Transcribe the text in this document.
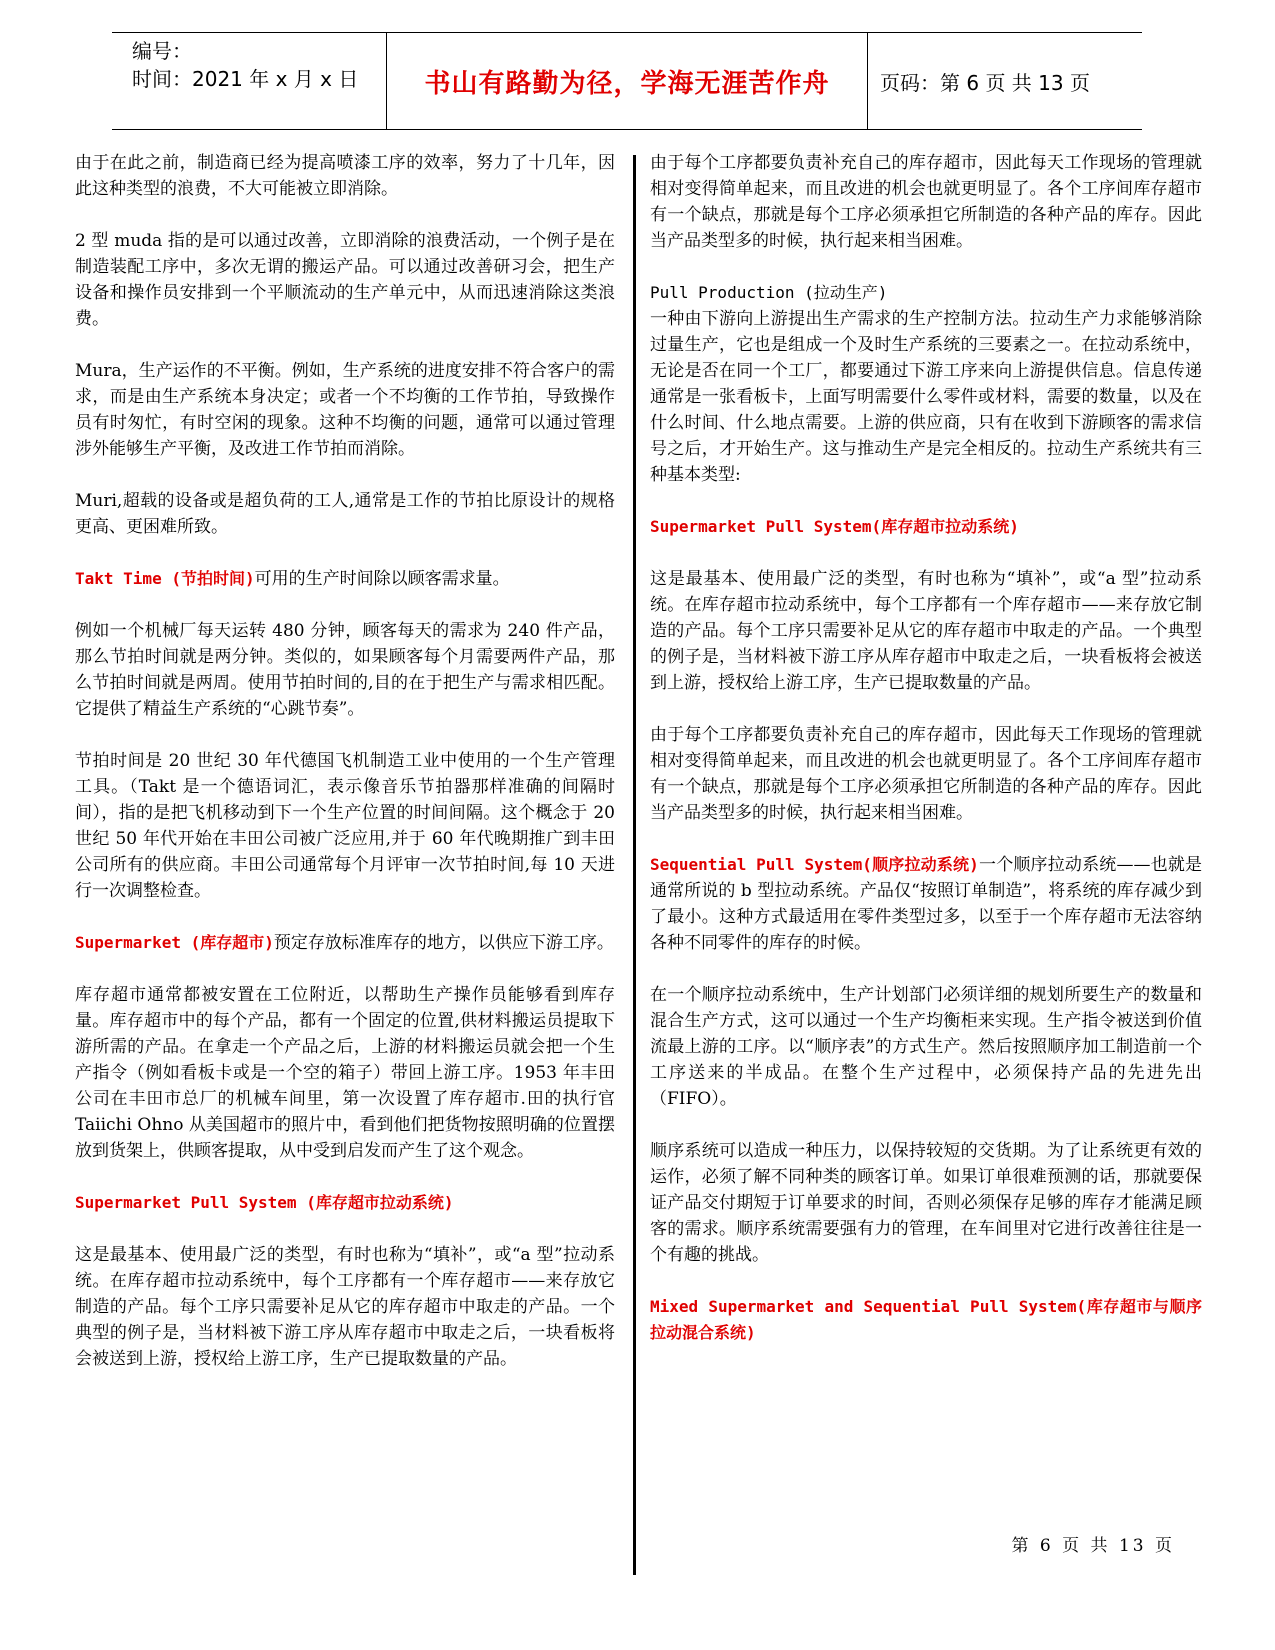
编号：
时间：2021 年 x 月 x 日	书山有路勤为径，学海无涯苦作舟	页码：第 6 页 共 13 页

由于在此之前，制造商已经为提高喷漆工序的效率，努力了十几年，因此这种类型的浪费，不大可能被立即消除。

2 型 muda 指的是可以通过改善，立即消除的浪费活动，一个例子是在制造装配工序中，多次无谓的搬运产品。可以通过改善研习会，把生产设备和操作员安排到一个平顺流动的生产单元中，从而迅速消除这类浪费。

Mura，生产运作的不平衡。例如，生产系统的进度安排不符合客户的需求，而是由生产系统本身决定；或者一个不均衡的工作节拍，导致操作员有时匆忙，有时空闲的现象。这种不均衡的问题，通常可以通过管理涉外能够生产平衡，及改进工作节拍而消除。

Muri,超载的设备或是超负荷的工人,通常是工作的节拍比原设计的规格更高、更困难所致。

Takt Time (节拍时间)可用的生产时间除以顾客需求量。

例如一个机械厂每天运转 480 分钟，顾客每天的需求为 240 件产品，那么节拍时间就是两分钟。类似的，如果顾客每个月需要两件产品，那么节拍时间就是两周。使用节拍时间的,目的在于把生产与需求相匹配。它提供了精益生产系统的“心跳节奏”。

节拍时间是 20 世纪 30 年代德国飞机制造工业中使用的一个生产管理工具。（Takt 是一个德语词汇，表示像音乐节拍器那样准确的间隔时间），指的是把飞机移动到下一个生产位置的时间间隔。这个概念于 20 世纪 50 年代开始在丰田公司被广泛应用,并于 60 年代晚期推广到丰田公司所有的供应商。丰田公司通常每个月评审一次节拍时间,每 10 天进行一次调整检查。

Supermarket (库存超市)预定存放标准库存的地方，以供应下游工序。

库存超市通常都被安置在工位附近，以帮助生产操作员能够看到库存量。库存超市中的每个产品，都有一个固定的位置,供材料搬运员提取下游所需的产品。在拿走一个产品之后，上游的材料搬运员就会把一个生产指令（例如看板卡或是一个空的箱子）带回上游工序。1953 年丰田公司在丰田市总厂的机械车间里，第一次设置了库存超市.田的执行官 Taiichi Ohno 从美国超市的照片中，看到他们把货物按照明确的位置摆放到货架上，供顾客提取，从中受到启发而产生了这个观念。

Supermarket Pull System (库存超市拉动系统)

这是最基本、使用最广泛的类型，有时也称为“填补”，或“a 型”拉动系统。在库存超市拉动系统中，每个工序都有一个库存超市——来存放它制造的产品。每个工序只需要补足从它的库存超市中取走的产品。一个典型的例子是，当材料被下游工序从库存超市中取走之后，一块看板将会被送到上游，授权给上游工序，生产已提取数量的产品。

由于每个工序都要负责补充自己的库存超市，因此每天工作现场的管理就相对变得简单起来，而且改进的机会也就更明显了。各个工序间库存超市有一个缺点，那就是每个工序必须承担它所制造的各种产品的库存。因此当产品类型多的时候，执行起来相当困难。

Pull Production (拉动生产)

一种由下游向上游提出生产需求的生产控制方法。拉动生产力求能够消除过量生产，它也是组成一个及时生产系统的三要素之一。在拉动系统中，无论是否在同一个工厂，都要通过下游工序来向上游提供信息。信息传递通常是一张看板卡，上面写明需要什么零件或材料，需要的数量，以及在什么时间、什么地点需要。上游的供应商，只有在收到下游顾客的需求信号之后，才开始生产。这与推动生产是完全相反的。拉动生产系统共有三种基本类型:

Supermarket Pull System(库存超市拉动系统)

这是最基本、使用最广泛的类型，有时也称为“填补”，或“a 型”拉动系统。在库存超市拉动系统中，每个工序都有一个库存超市——来存放它制造的产品。每个工序只需要补足从它的库存超市中取走的产品。一个典型的例子是，当材料被下游工序从库存超市中取走之后，一块看板将会被送到上游，授权给上游工序，生产已提取数量的产品。

由于每个工序都要负责补充自己的库存超市，因此每天工作现场的管理就相对变得简单起来，而且改进的机会也就更明显了。各个工序间库存超市有一个缺点，那就是每个工序必须承担它所制造的各种产品的库存。因此当产品类型多的时候，执行起来相当困难。

Sequential Pull System(顺序拉动系统)一个顺序拉动系统——也就是通常所说的 b 型拉动系统。产品仅“按照订单制造”，将系统的库存减少到了最小。这种方式最适用在零件类型过多，以至于一个库存超市无法容纳各种不同零件的库存的时候。

在一个顺序拉动系统中，生产计划部门必须详细的规划所要生产的数量和混合生产方式，这可以通过一个生产均衡柜来实现。生产指令被送到价值流最上游的工序。以“顺序表”的方式生产。然后按照顺序加工制造前一个工序送来的半成品。在整个生产过程中，必须保持产品的先进先出（FIFO）。

顺序系统可以造成一种压力，以保持较短的交货期。为了让系统更有效的运作，必须了解不同种类的顾客订单。如果订单很难预测的话，那就要保证产品交付期短于订单要求的时间，否则必须保存足够的库存才能满足顾客的需求。顺序系统需要强有力的管理，在车间里对它进行改善往往是一个有趣的挑战。

Mixed Supermarket and Sequential Pull System(库存超市与顺序拉动混合系统)

第 6 页 共 13 页
